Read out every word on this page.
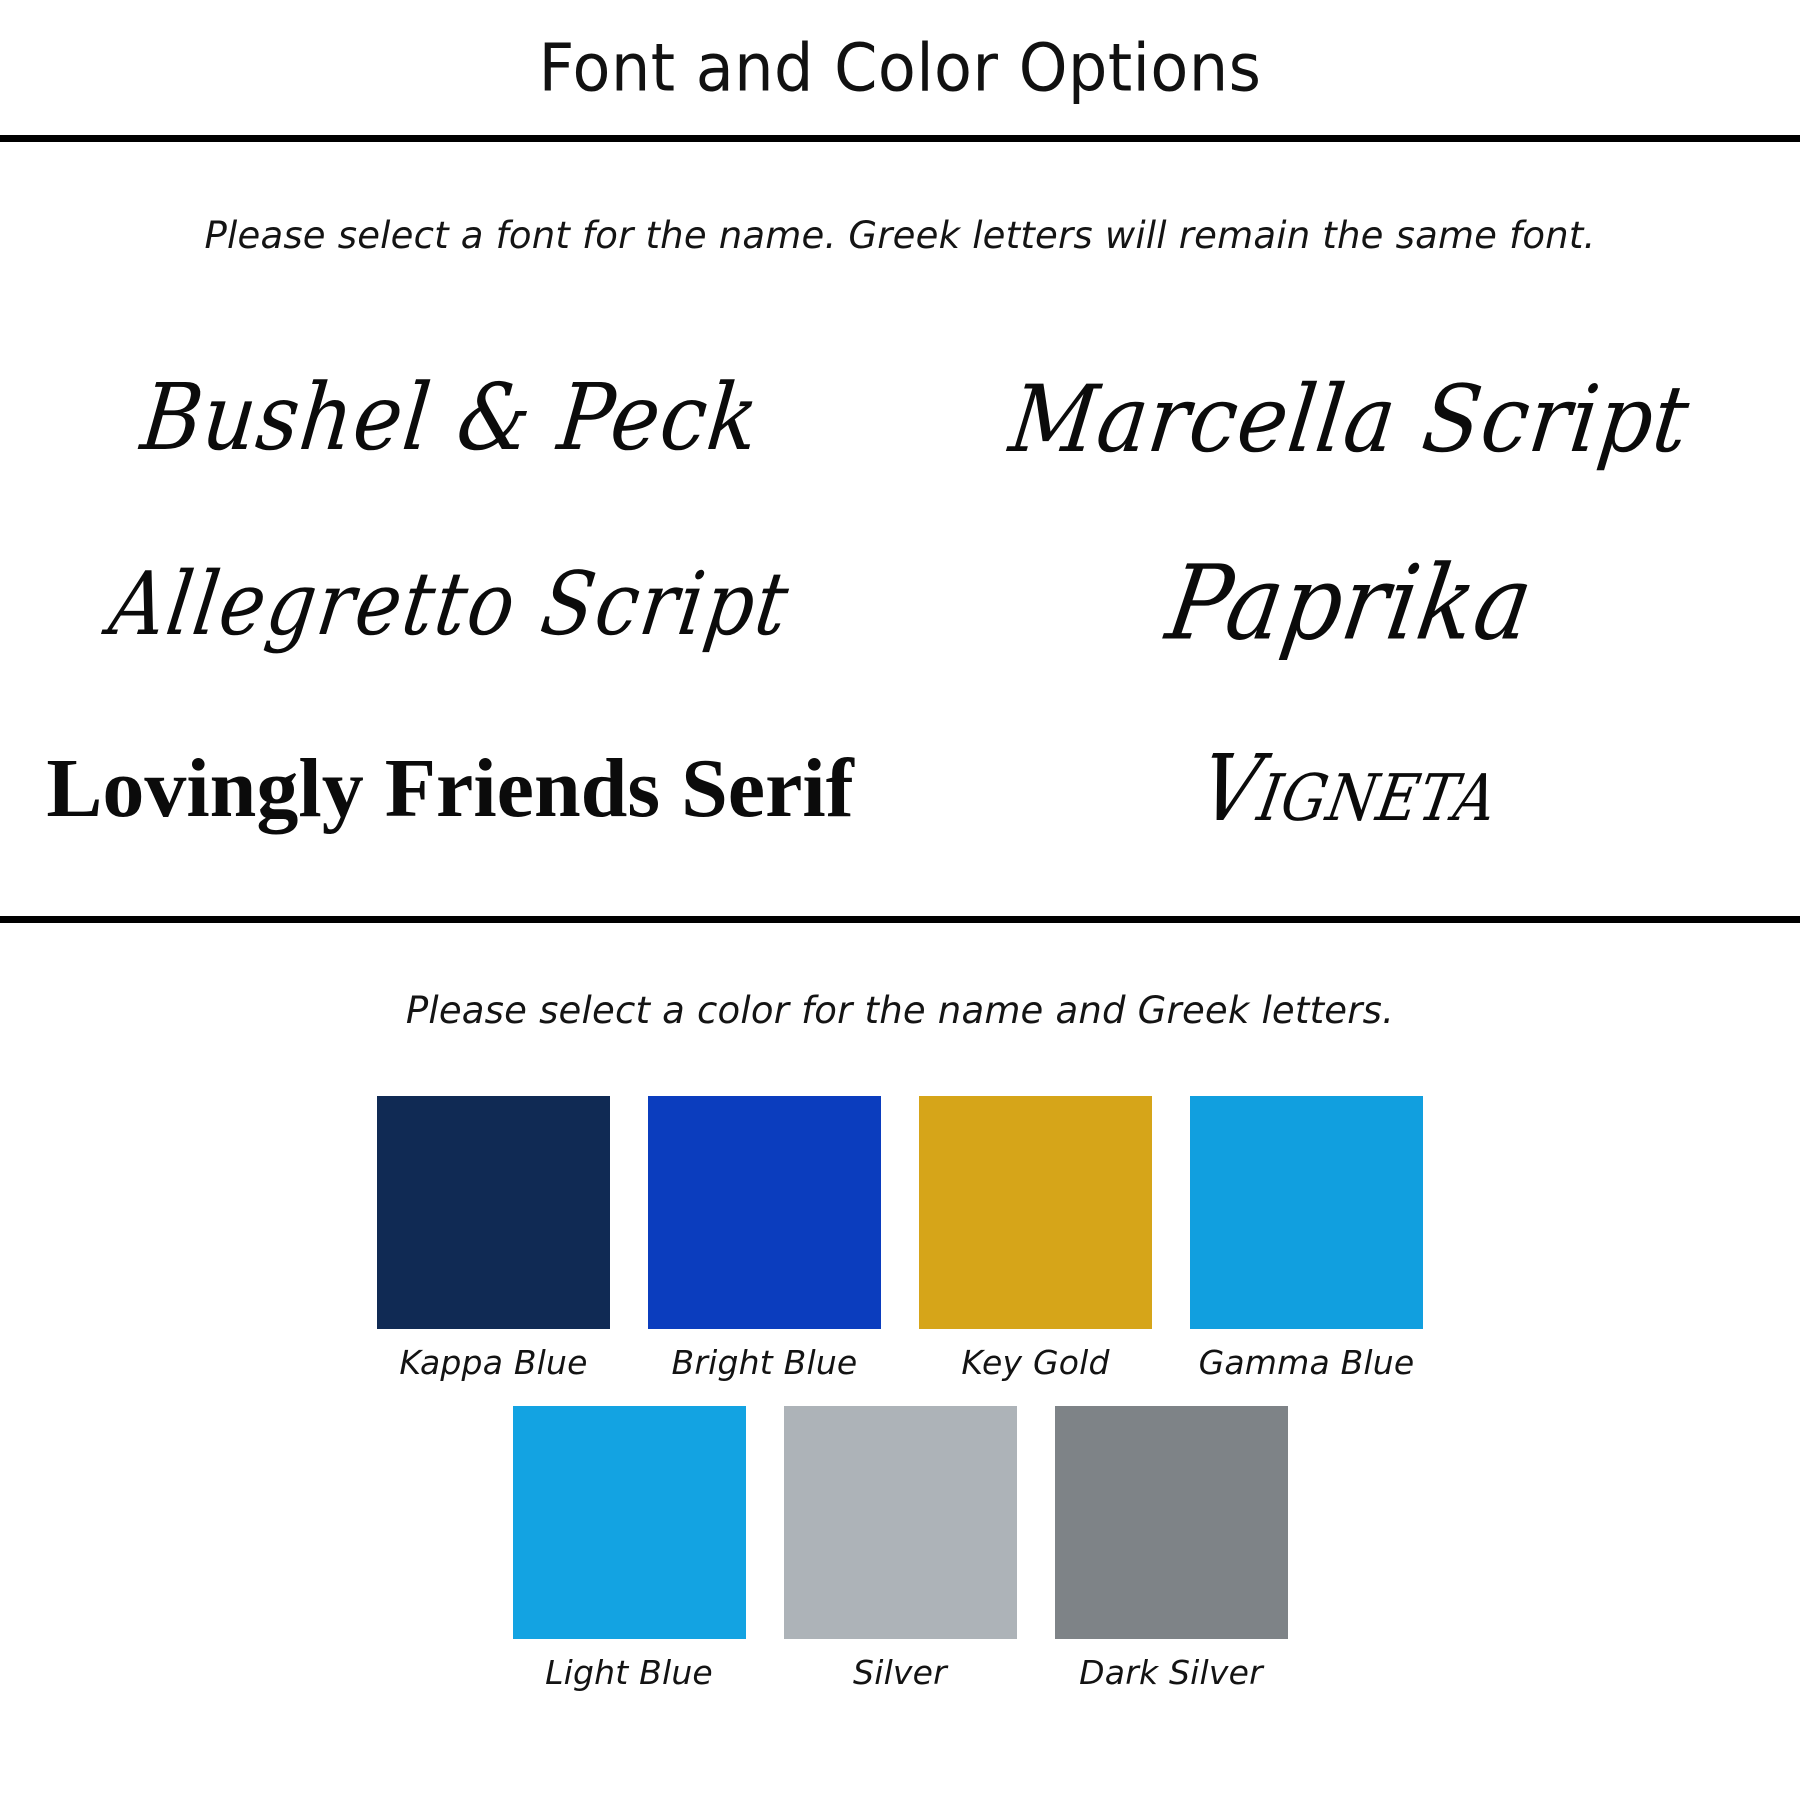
Font and Color Options
Please select a font for the name. Greek letters will remain the same font.
Bushel & Peck	Marcella Script
Allegretto Script	Paprika
Lovingly Friends Serif	Vigneta
Please select a color for the name and Greek letters.
Kappa Blue	Bright Blue	Key Gold	Gamma Blue
Light Blue	Silver	Dark Silver
